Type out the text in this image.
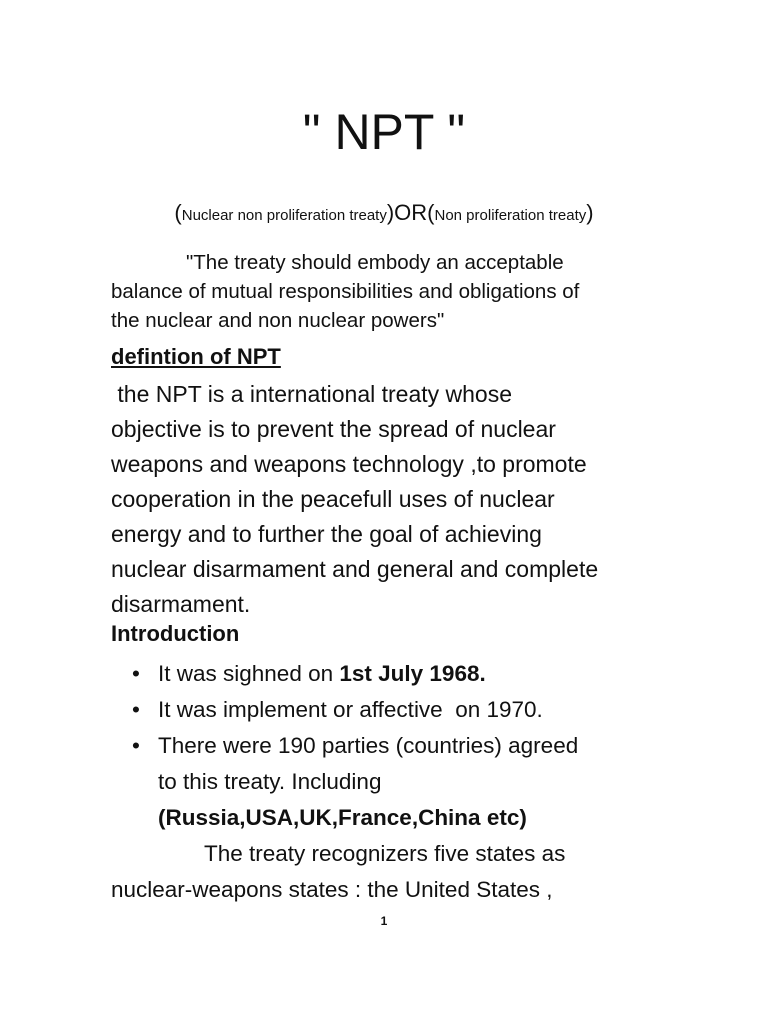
" NPT "
(Nuclear non proliferation treaty)OR(Non proliferation treaty)

"The treaty should embody an acceptable

balance of mutual responsibilities and obligations of

the nuclear and non nuclear powers"

defintion of NPT

the NPT is a international treaty whose

objective is to prevent the spread of nuclear

weapons and weapons technology ,to promote

cooperation in the peacefull uses of nuclear

energy and to further the goal of achieving

nuclear disarmament and general and complete

disarmament.

Introduction
• It was sighned on 1st July 1968.
• It was implement or affective  on 1970.
• There were 190 parties (countries) agreed
to this treaty. Including
(Russia,USA,UK,France,China etc)
The treaty recognizers five states as
nuclear-weapons states : the United States ,
1
